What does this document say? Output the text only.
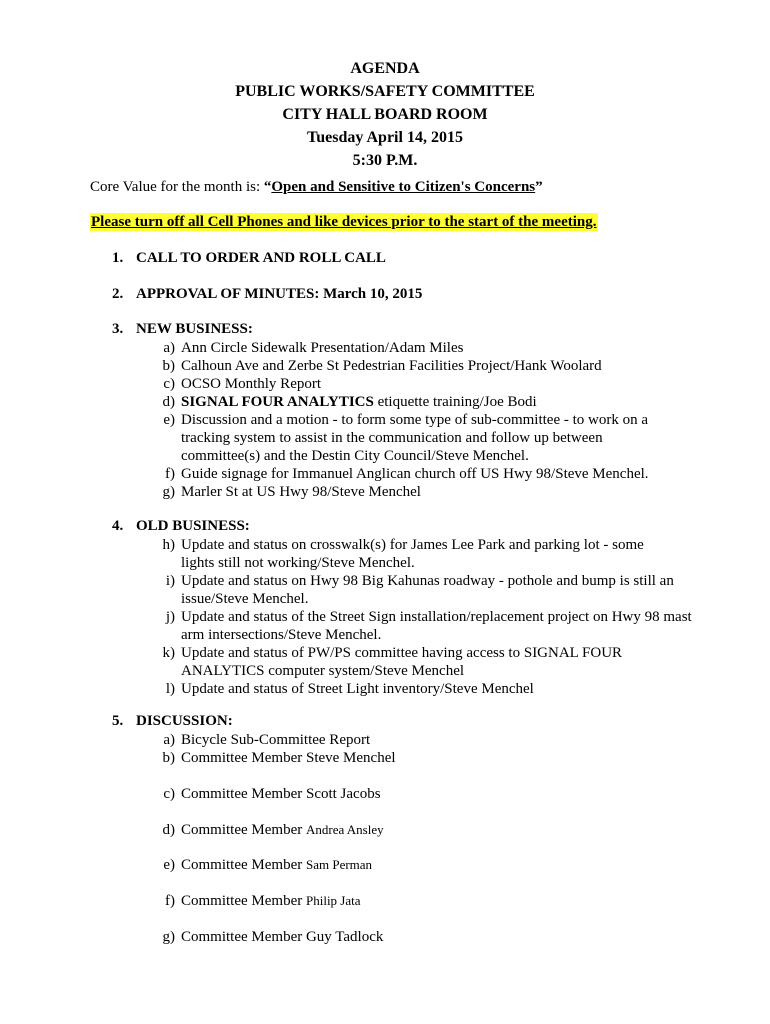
AGENDA
PUBLIC WORKS/SAFETY COMMITTEE
CITY HALL BOARD ROOM
Tuesday April 14, 2015
5:30 P.M.
Core Value for the month is: “Open and Sensitive to Citizen's Concerns”
Please turn off all Cell Phones and like devices prior to the start of the meeting.
1. CALL TO ORDER AND ROLL CALL
2. APPROVAL OF MINUTES: March 10, 2015
3. NEW BUSINESS:
a) Ann Circle Sidewalk Presentation/Adam Miles
b) Calhoun Ave and Zerbe St Pedestrian Facilities Project/Hank Woolard
c) OCSO Monthly Report
d) SIGNAL FOUR ANALYTICS etiquette training/Joe Bodi
e) Discussion and a motion - to form some type of sub-committee - to work on a tracking system to assist in the communication and follow up between committee(s) and the Destin City Council/Steve Menchel.
f) Guide signage for Immanuel Anglican church off US Hwy 98/Steve Menchel.
g) Marler St at US Hwy 98/Steve Menchel
4. OLD BUSINESS:
h) Update and status on crosswalk(s) for James Lee Park and parking lot - some lights still not working/Steve Menchel.
i) Update and status on Hwy 98 Big Kahunas roadway - pothole and bump is still an issue/Steve Menchel.
j) Update and status of the Street Sign installation/replacement project on Hwy 98 mast arm intersections/Steve Menchel.
k) Update and status of PW/PS committee having access to SIGNAL FOUR ANALYTICS computer system/Steve Menchel
l) Update and status of Street Light inventory/Steve Menchel
5. DISCUSSION:
a) Bicycle Sub-Committee Report
b) Committee Member Steve Menchel
c) Committee Member Scott Jacobs
d) Committee Member Andrea Ansley
e) Committee Member Sam Perman
f) Committee Member Philip Jata
g) Committee Member Guy Tadlock
